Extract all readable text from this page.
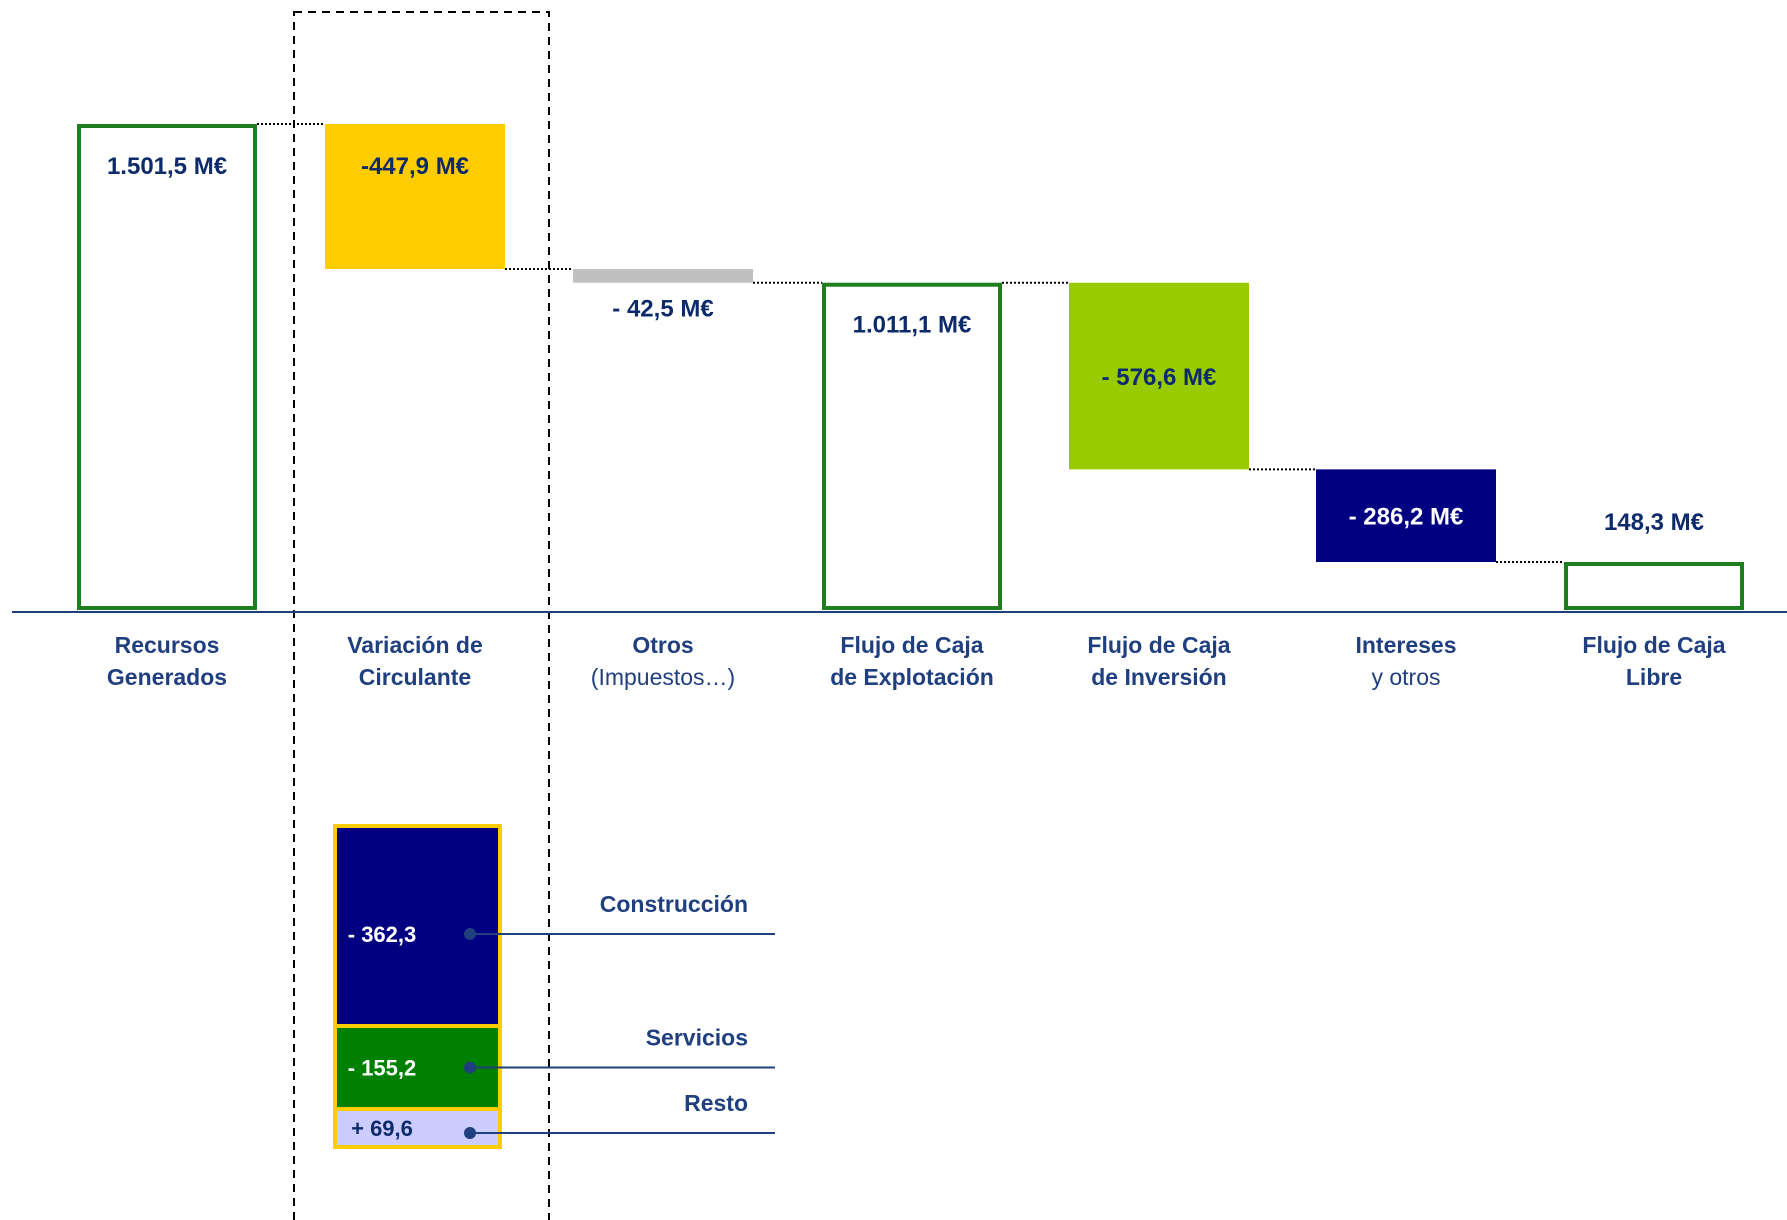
1.501,5 M€	-447,9 M€
- 42,5 M€
1.011,1 M€
- 576,6 M€
- 286,2 M€	148,3 M€
Recursos
Generados
Variación de
Circulante
Otros
(Impuestos…)
Flujo de Caja
de Explotación
Flujo de Caja
de Inversión
Intereses
y otros
Flujo de Caja
Libre
- 362,3
Construcción
- 155,2
Servicios
+ 69,6
Resto
